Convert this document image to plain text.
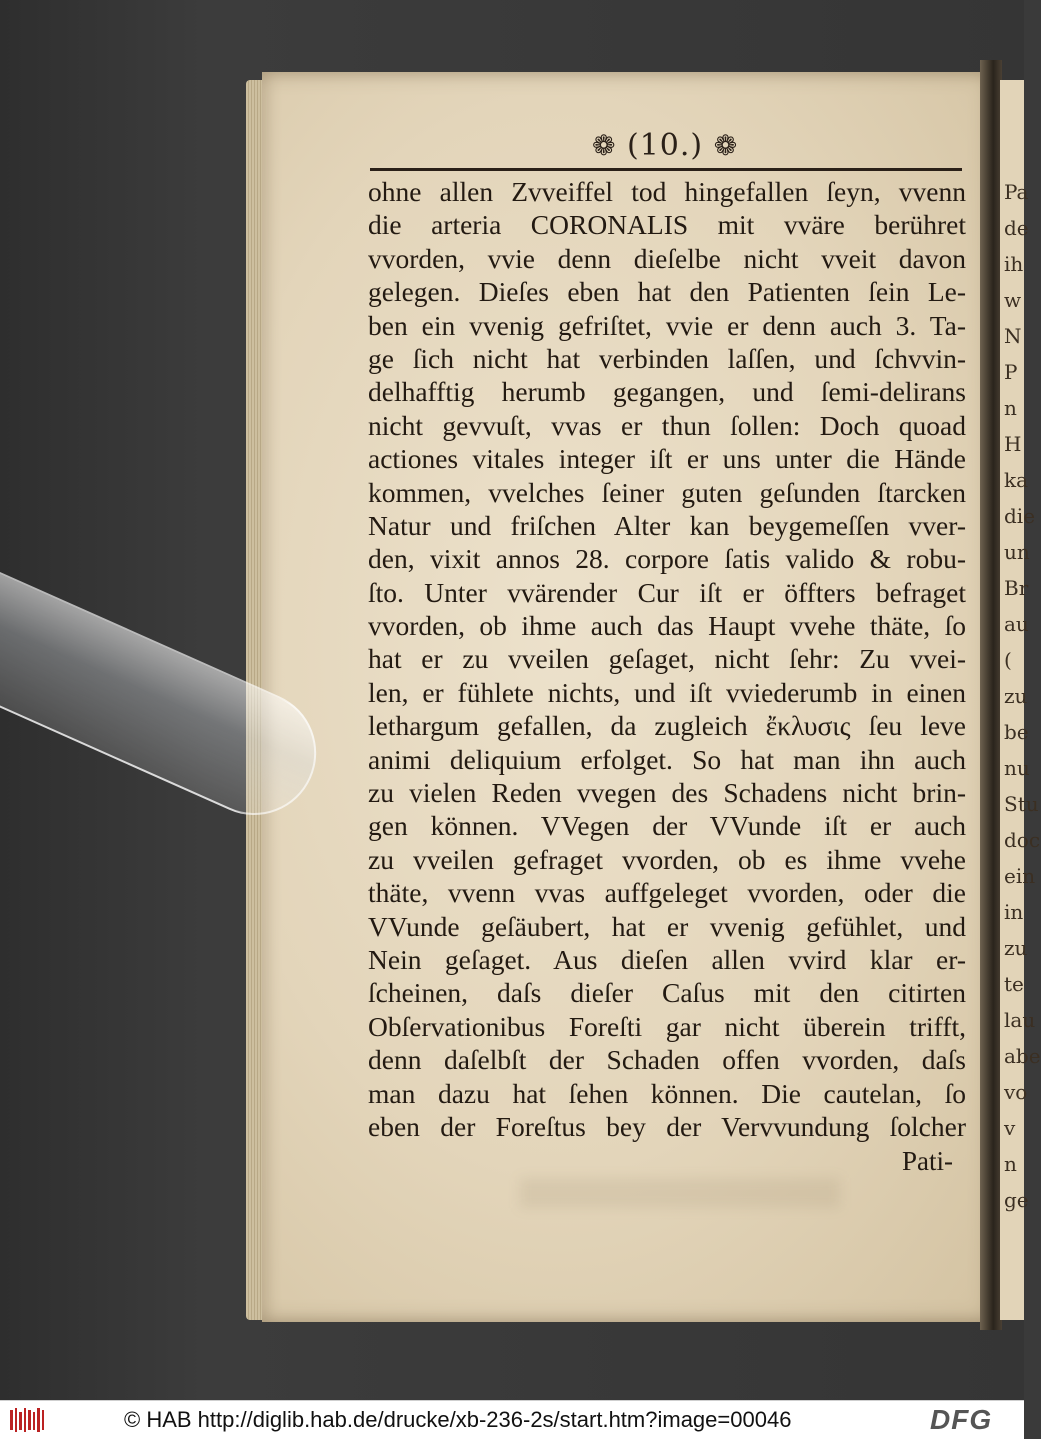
Pa
de
ih
w
N
P
n
H
ka
die
un
Br
au
(
zu
be
nu
Stu
doc
ein
in
zu
te
lau
abe
vo
v
n
ge
❁ (10.) ❁
ohne allen Zvveiffel tod hingefallen ſeyn, vvenn
die arteria CORONALIS mit vväre berühret
vvorden, vvie denn dieſelbe nicht vveit davon
gelegen. Dieſes eben hat den Patienten ſein Le-
ben ein vvenig gefriſtet, vvie er denn auch 3. Ta-
ge ſich nicht hat verbinden laſſen, und ſchvvin-
delhafftig herumb gegangen, und ſemi-delirans
nicht gevvuſt, vvas er thun ſollen: Doch quoad
actiones vitales integer iſt er uns unter die Hände
kommen, vvelches ſeiner guten geſunden ſtarcken
Natur und friſchen Alter kan beygemeſſen vver-
den, vixit annos 28. corpore ſatis valido & robu-
ſto. Unter vvärender Cur iſt er öffters befraget
vvorden, ob ihme auch das Haupt vvehe thäte, ſo
hat er zu vveilen geſaget, nicht ſehr: Zu vvei-
len, er fühlete nichts, und iſt vviederumb in einen
lethargum gefallen, da zugleich ἔκλυσις ſeu leve
animi deliquium erfolget. So hat man ihn auch
zu vielen Reden vvegen des Schadens nicht brin-
gen können. VVegen der VVunde iſt er auch
zu vveilen gefraget vvorden, ob es ihme vvehe
thäte, vvenn vvas auffgeleget vvorden, oder die
VVunde geſäubert, hat er vvenig gefühlet, und
Nein geſaget. Aus dieſen allen vvird klar er-
ſcheinen, daſs dieſer Caſus mit den citirten
Obſervationibus Foreſti gar nicht überein trifft,
denn daſelbſt der Schaden offen vvorden, daſs
man dazu hat ſehen können. Die cautelan, ſo
eben der Foreſtus bey der Vervvundung ſolcher
Pati-
© HAB http://diglib.hab.de/drucke/xb-236-2s/start.htm?image=00046	DFG
